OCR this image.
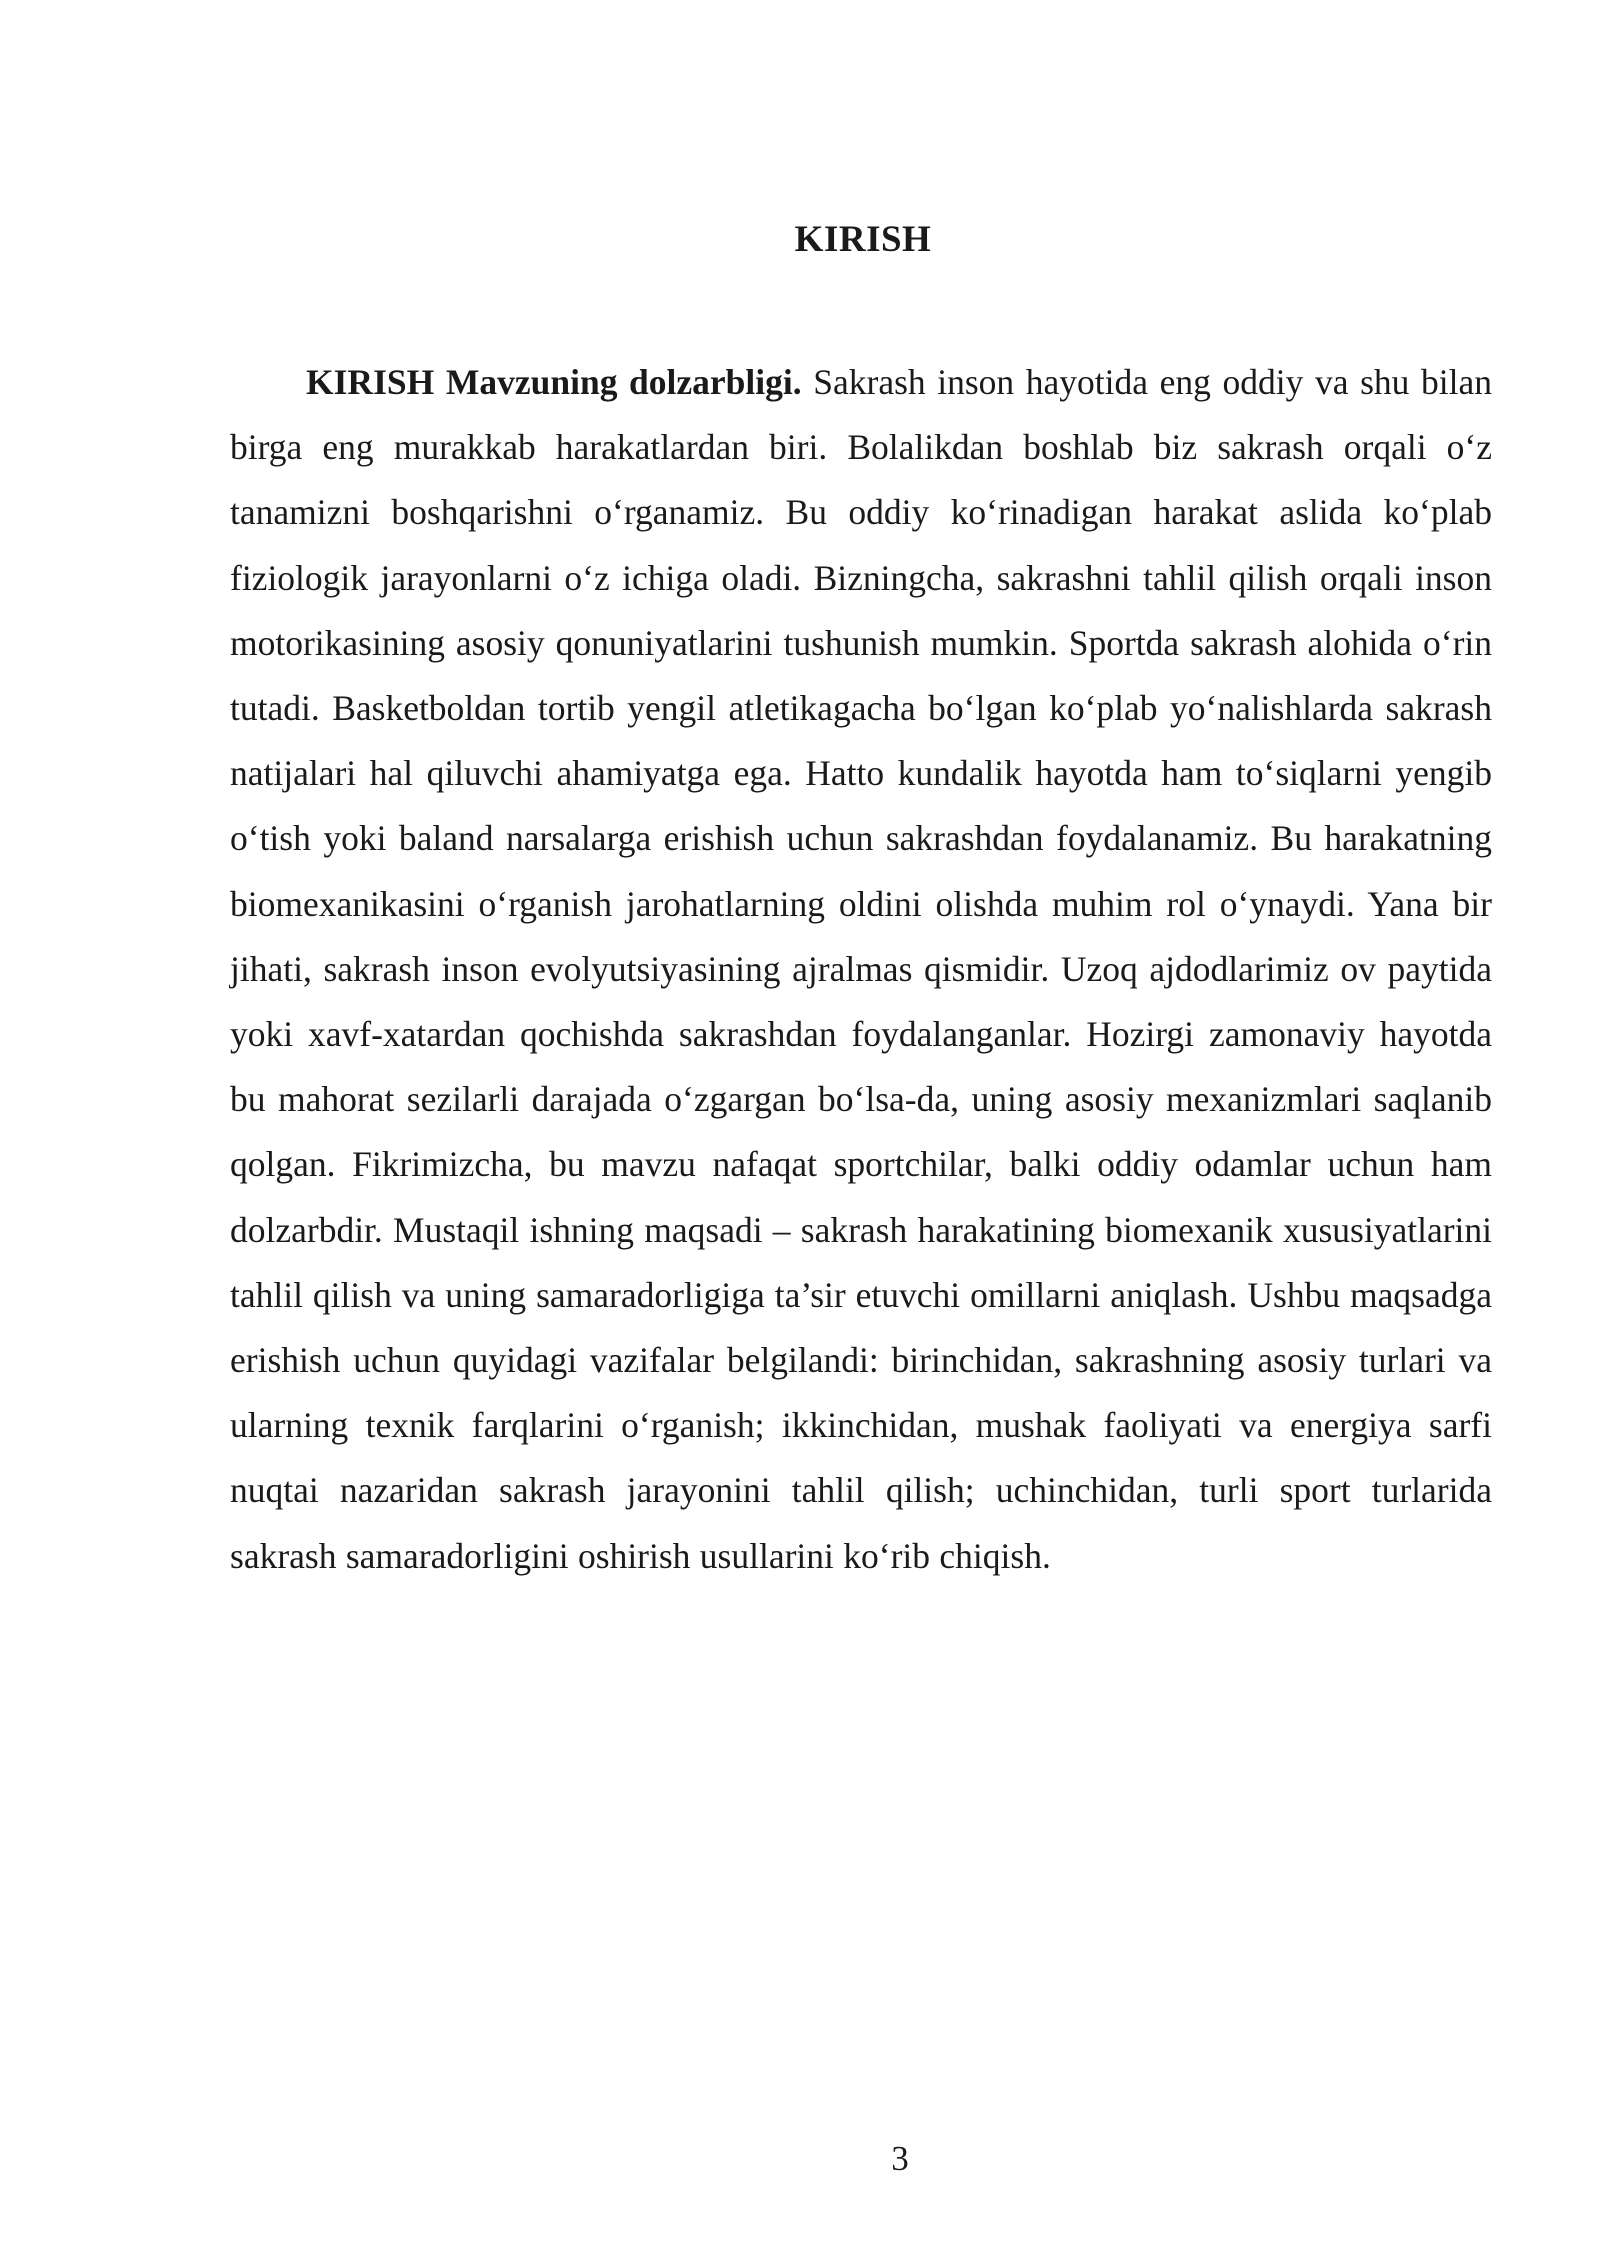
KIRISH

KIRISH Mavzuning dolzarbligi. Sakrash inson hayotida eng oddiy va shu bilan birga eng murakkab harakatlardan biri. Bolalikdan boshlab biz sakrash orqali o‘z tanamizni boshqarishni o‘rganamiz. Bu oddiy ko‘rinadigan harakat aslida ko‘plab fiziologik jarayonlarni o‘z ichiga oladi. Bizningcha, sakrashni tahlil qilish orqali inson motorikasining asosiy qonuniyatlarini tushunish mumkin. Sportda sakrash alohida o‘rin tutadi. Basketboldan tortib yengil atletikagacha bo‘lgan ko‘plab yo‘nalishlarda sakrash natijalari hal qiluvchi ahamiyatga ega. Hatto kundalik hayotda ham to‘siqlarni yengib o‘tish yoki baland narsalarga erishish uchun sakrashdan foydalanamiz. Bu harakatning biomexanikasini o‘rganish jarohatlarning oldini olishda muhim rol o‘ynaydi. Yana bir jihati, sakrash inson evolyutsiyasining ajralmas qismidir. Uzoq ajdodlarimiz ov paytida yoki xavf-xatardan qochishda sakrashdan foydalanganlar. Hozirgi zamonaviy hayotda bu mahorat sezilarli darajada o‘zgargan bo‘lsa-da, uning asosiy mexanizmlari saqlanib qolgan. Fikrimizcha, bu mavzu nafaqat sportchilar, balki oddiy odamlar uchun ham dolzarbdir. Mustaqil ishning maqsadi – sakrash harakatining biomexanik xususiyatlarini tahlil qilish va uning samaradorligiga ta’sir etuvchi omillarni aniqlash. Ushbu maqsadga erishish uchun quyidagi vazifalar belgilandi: birinchidan, sakrashning asosiy turlari va ularning texnik farqlarini o‘rganish; ikkinchidan, mushak faoliyati va energiya sarfi nuqtai nazaridan sakrash jarayonini tahlil qilish; uchinchidan, turli sport turlarida sakrash samaradorligini oshirish usullarini ko‘rib chiqish.

3
